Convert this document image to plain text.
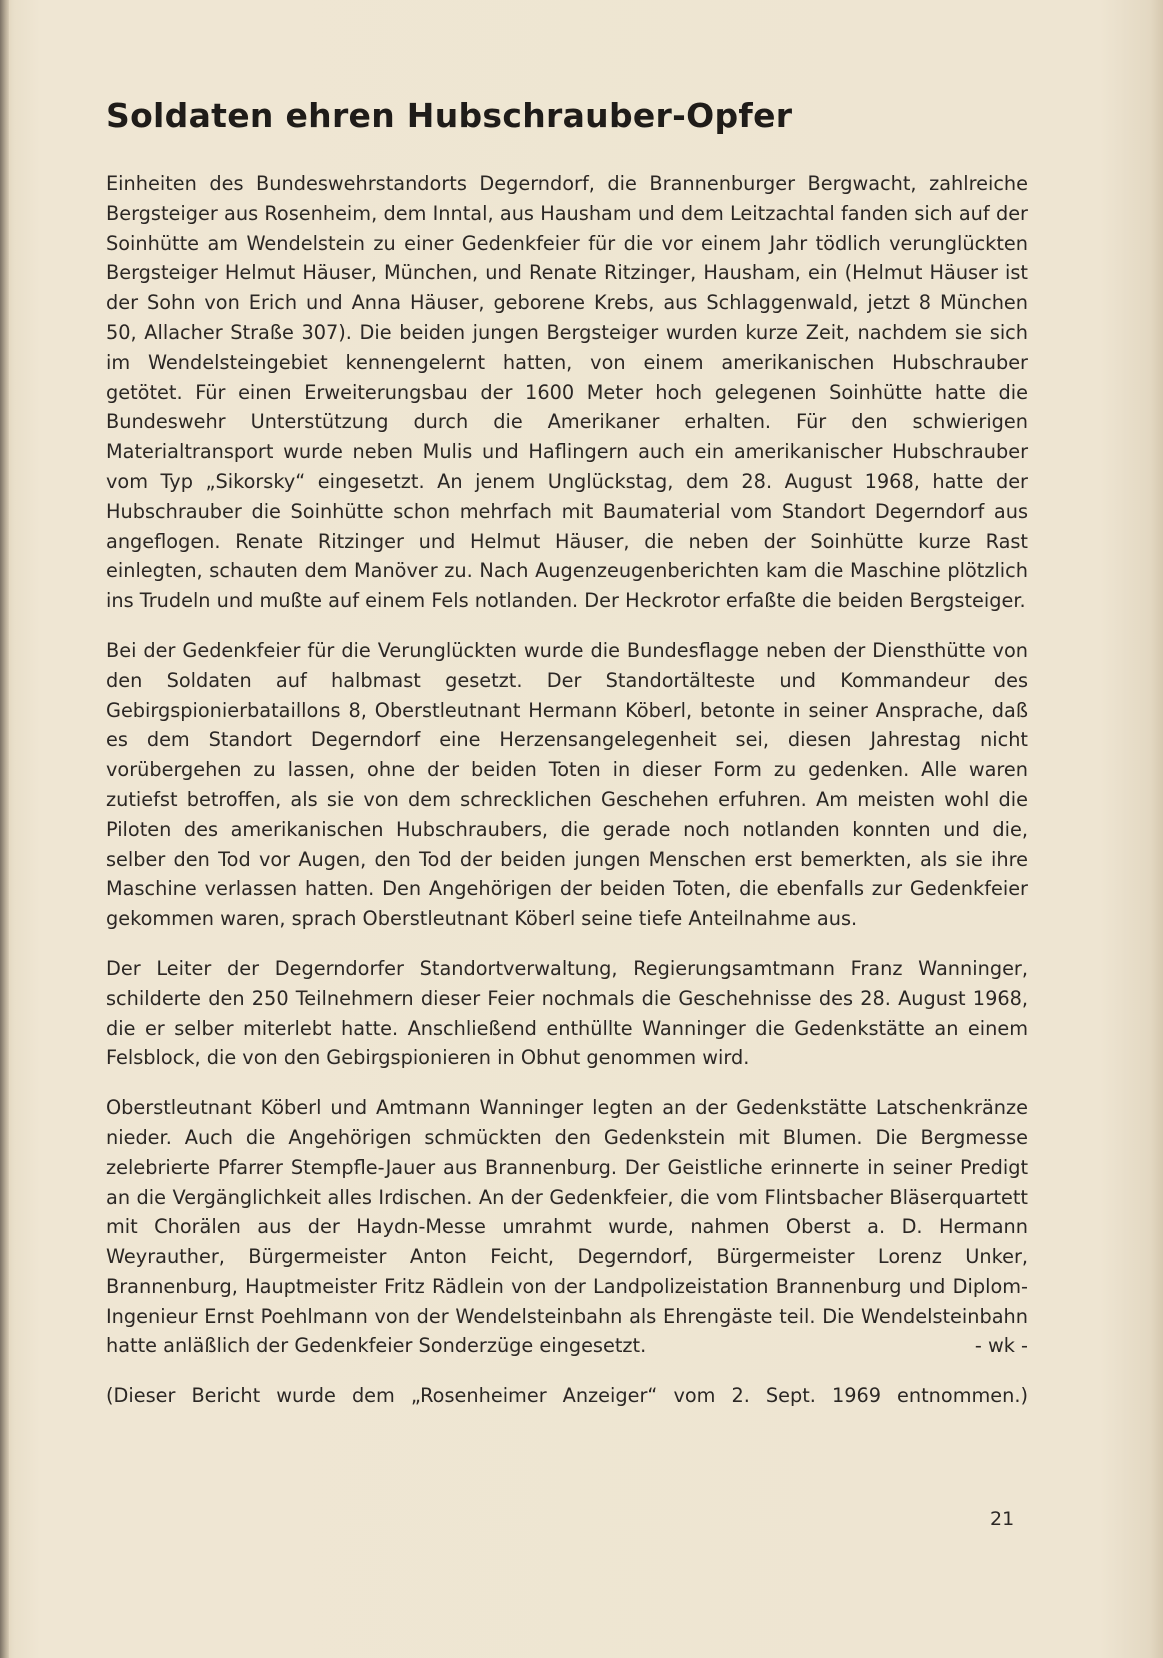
Soldaten ehren Hubschrauber-Opfer

Einheiten des Bundeswehrstandorts Degerndorf, die Brannenburger Bergwacht, zahlreiche Bergsteiger aus Rosenheim, dem Inntal, aus Hausham und dem Leitzachtal fanden sich auf der Soinhütte am Wendelstein zu einer Gedenkfeier für die vor einem Jahr tödlich verunglückten Bergsteiger Helmut Häuser, München, und Renate Ritzinger, Hausham, ein (Helmut Häuser ist der Sohn von Erich und Anna Häuser, geborene Krebs, aus Schlaggenwald, jetzt 8 München 50, Allacher Straße 307). Die beiden jungen Bergsteiger wurden kurze Zeit, nachdem sie sich im Wendelsteingebiet kennengelernt hatten, von einem amerikanischen Hubschrauber getötet. Für einen Erweiterungsbau der 1600 Meter hoch gelegenen Soinhütte hatte die Bundeswehr Unterstützung durch die Amerikaner erhalten. Für den schwierigen Materialtransport wurde neben Mulis und Haflingern auch ein amerikanischer Hubschrauber vom Typ „Sikorsky“ eingesetzt. An jenem Unglückstag, dem 28. August 1968, hatte der Hubschrauber die Soinhütte schon mehrfach mit Baumaterial vom Standort Degerndorf aus angeflogen. Renate Ritzinger und Helmut Häuser, die neben der Soinhütte kurze Rast einlegten, schauten dem Manöver zu. Nach Augenzeugenberichten kam die Maschine plötzlich ins Trudeln und mußte auf einem Fels notlanden. Der Heckrotor erfaßte die beiden Bergsteiger.

Bei der Gedenkfeier für die Verunglückten wurde die Bundesflagge neben der Diensthütte von den Soldaten auf halbmast gesetzt. Der Standortälteste und Kommandeur des Gebirgspionierbataillons 8, Oberstleutnant Hermann Köberl, betonte in seiner Ansprache, daß es dem Standort Degerndorf eine Herzensangelegenheit sei, diesen Jahrestag nicht vorübergehen zu lassen, ohne der beiden Toten in dieser Form zu gedenken. Alle waren zutiefst betroffen, als sie von dem schrecklichen Geschehen erfuhren. Am meisten wohl die Piloten des amerikanischen Hubschraubers, die gerade noch notlanden konnten und die, selber den Tod vor Augen, den Tod der beiden jungen Menschen erst bemerkten, als sie ihre Maschine verlassen hatten. Den Angehörigen der beiden Toten, die ebenfalls zur Gedenkfeier gekommen waren, sprach Oberstleutnant Köberl seine tiefe Anteilnahme aus.

Der Leiter der Degerndorfer Standortverwaltung, Regierungsamtmann Franz Wanninger, schilderte den 250 Teilnehmern dieser Feier nochmals die Geschehnisse des 28. August 1968, die er selber miterlebt hatte. Anschließend enthüllte Wanninger die Gedenkstätte an einem Felsblock, die von den Gebirgspionieren in Obhut genommen wird.

Oberstleutnant Köberl und Amtmann Wanninger legten an der Gedenkstätte Latschenkränze nieder. Auch die Angehörigen schmückten den Gedenkstein mit Blumen. Die Bergmesse zelebrierte Pfarrer Stempfle-Jauer aus Brannenburg. Der Geistliche erinnerte in seiner Predigt an die Vergänglichkeit alles Irdischen. An der Gedenkfeier, die vom Flintsbacher Bläserquartett mit Chorälen aus der Haydn-Messe umrahmt wurde, nahmen Oberst a. D. Hermann Weyrauther, Bürgermeister Anton Feicht, Degerndorf, Bürgermeister Lorenz Unker, Brannenburg, Hauptmeister Fritz Rädlein von der Landpolizeistation Brannenburg und Diplom-Ingenieur Ernst Poehlmann von der Wendelsteinbahn als Ehrengäste teil. Die Wendelsteinbahn hatte anläßlich der Gedenkfeier Sonderzüge eingesetzt.	- wk -

(Dieser Bericht wurde dem „Rosenheimer Anzeiger“ vom 2. Sept. 1969 entnommen.)

21
